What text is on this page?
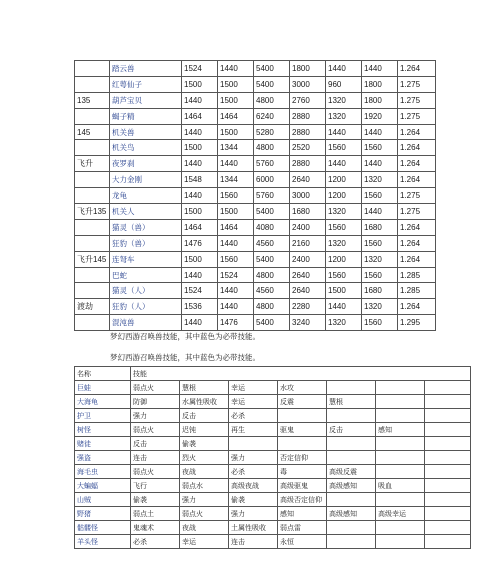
	踏云兽	1524	1440	5400	1800	1440	1440	1.264
	红萼仙子	1500	1500	5400	3000	960	1800	1.275
135	葫芦宝贝	1440	1500	4800	2760	1320	1800	1.275
	蝎子精	1464	1464	6240	2880	1320	1920	1.275
145	机关兽	1440	1500	5280	2880	1440	1440	1.264
	机关鸟	1500	1344	4800	2520	1560	1560	1.264
飞升	夜罗刹	1440	1440	5760	2880	1440	1440	1.264
	大力金刚	1548	1344	6000	2640	1200	1320	1.264
	龙龟	1440	1560	5760	3000	1200	1560	1.275
飞升135	机关人	1500	1500	5400	1680	1320	1440	1.275
	猫灵（兽）	1464	1464	4080	2400	1560	1680	1.264
	狂豹（兽）	1476	1440	4560	2160	1320	1560	1.264
飞升145	连弩车	1500	1560	5400	2400	1200	1320	1.264
	巴蛇	1440	1524	4800	2640	1560	1560	1.285
	猫灵（人）	1524	1440	4560	2640	1500	1680	1.285
渡劫	狂豹（人）	1536	1440	4800	2280	1440	1320	1.264
	混沌兽	1440	1476	5400	3240	1320	1560	1.295
梦幻西游召唤兽技能，其中蓝色为必带技能。
梦幻西游召唤兽技能，其中蓝色为必带技能。
名称	技能						
巨蛙	弱点火	慧根	幸运	水攻			
大海龟	防御	水属性吸收	幸运	反震	慧根		
护卫	强力	反击	必杀				
树怪	弱点火	迟钝	再生	驱鬼	反击	感知	
赌徒	反击	偷袭					
强盗	连击	烈火	强力	否定信仰			
海毛虫	弱点火	夜战	必杀	毒	高级反震		
大蝙蝠	飞行	弱点水	高级夜战	高级驱鬼	高级感知	吸血	
山贼	偷袭	强力	偷袭	高级否定信仰			
野猪	弱点土	弱点火	强力	感知	高级感知	高级幸运	
骷髅怪	鬼魂术	夜战	土属性吸收	弱点雷			
羊头怪	必杀	幸运	连击	永恒			
